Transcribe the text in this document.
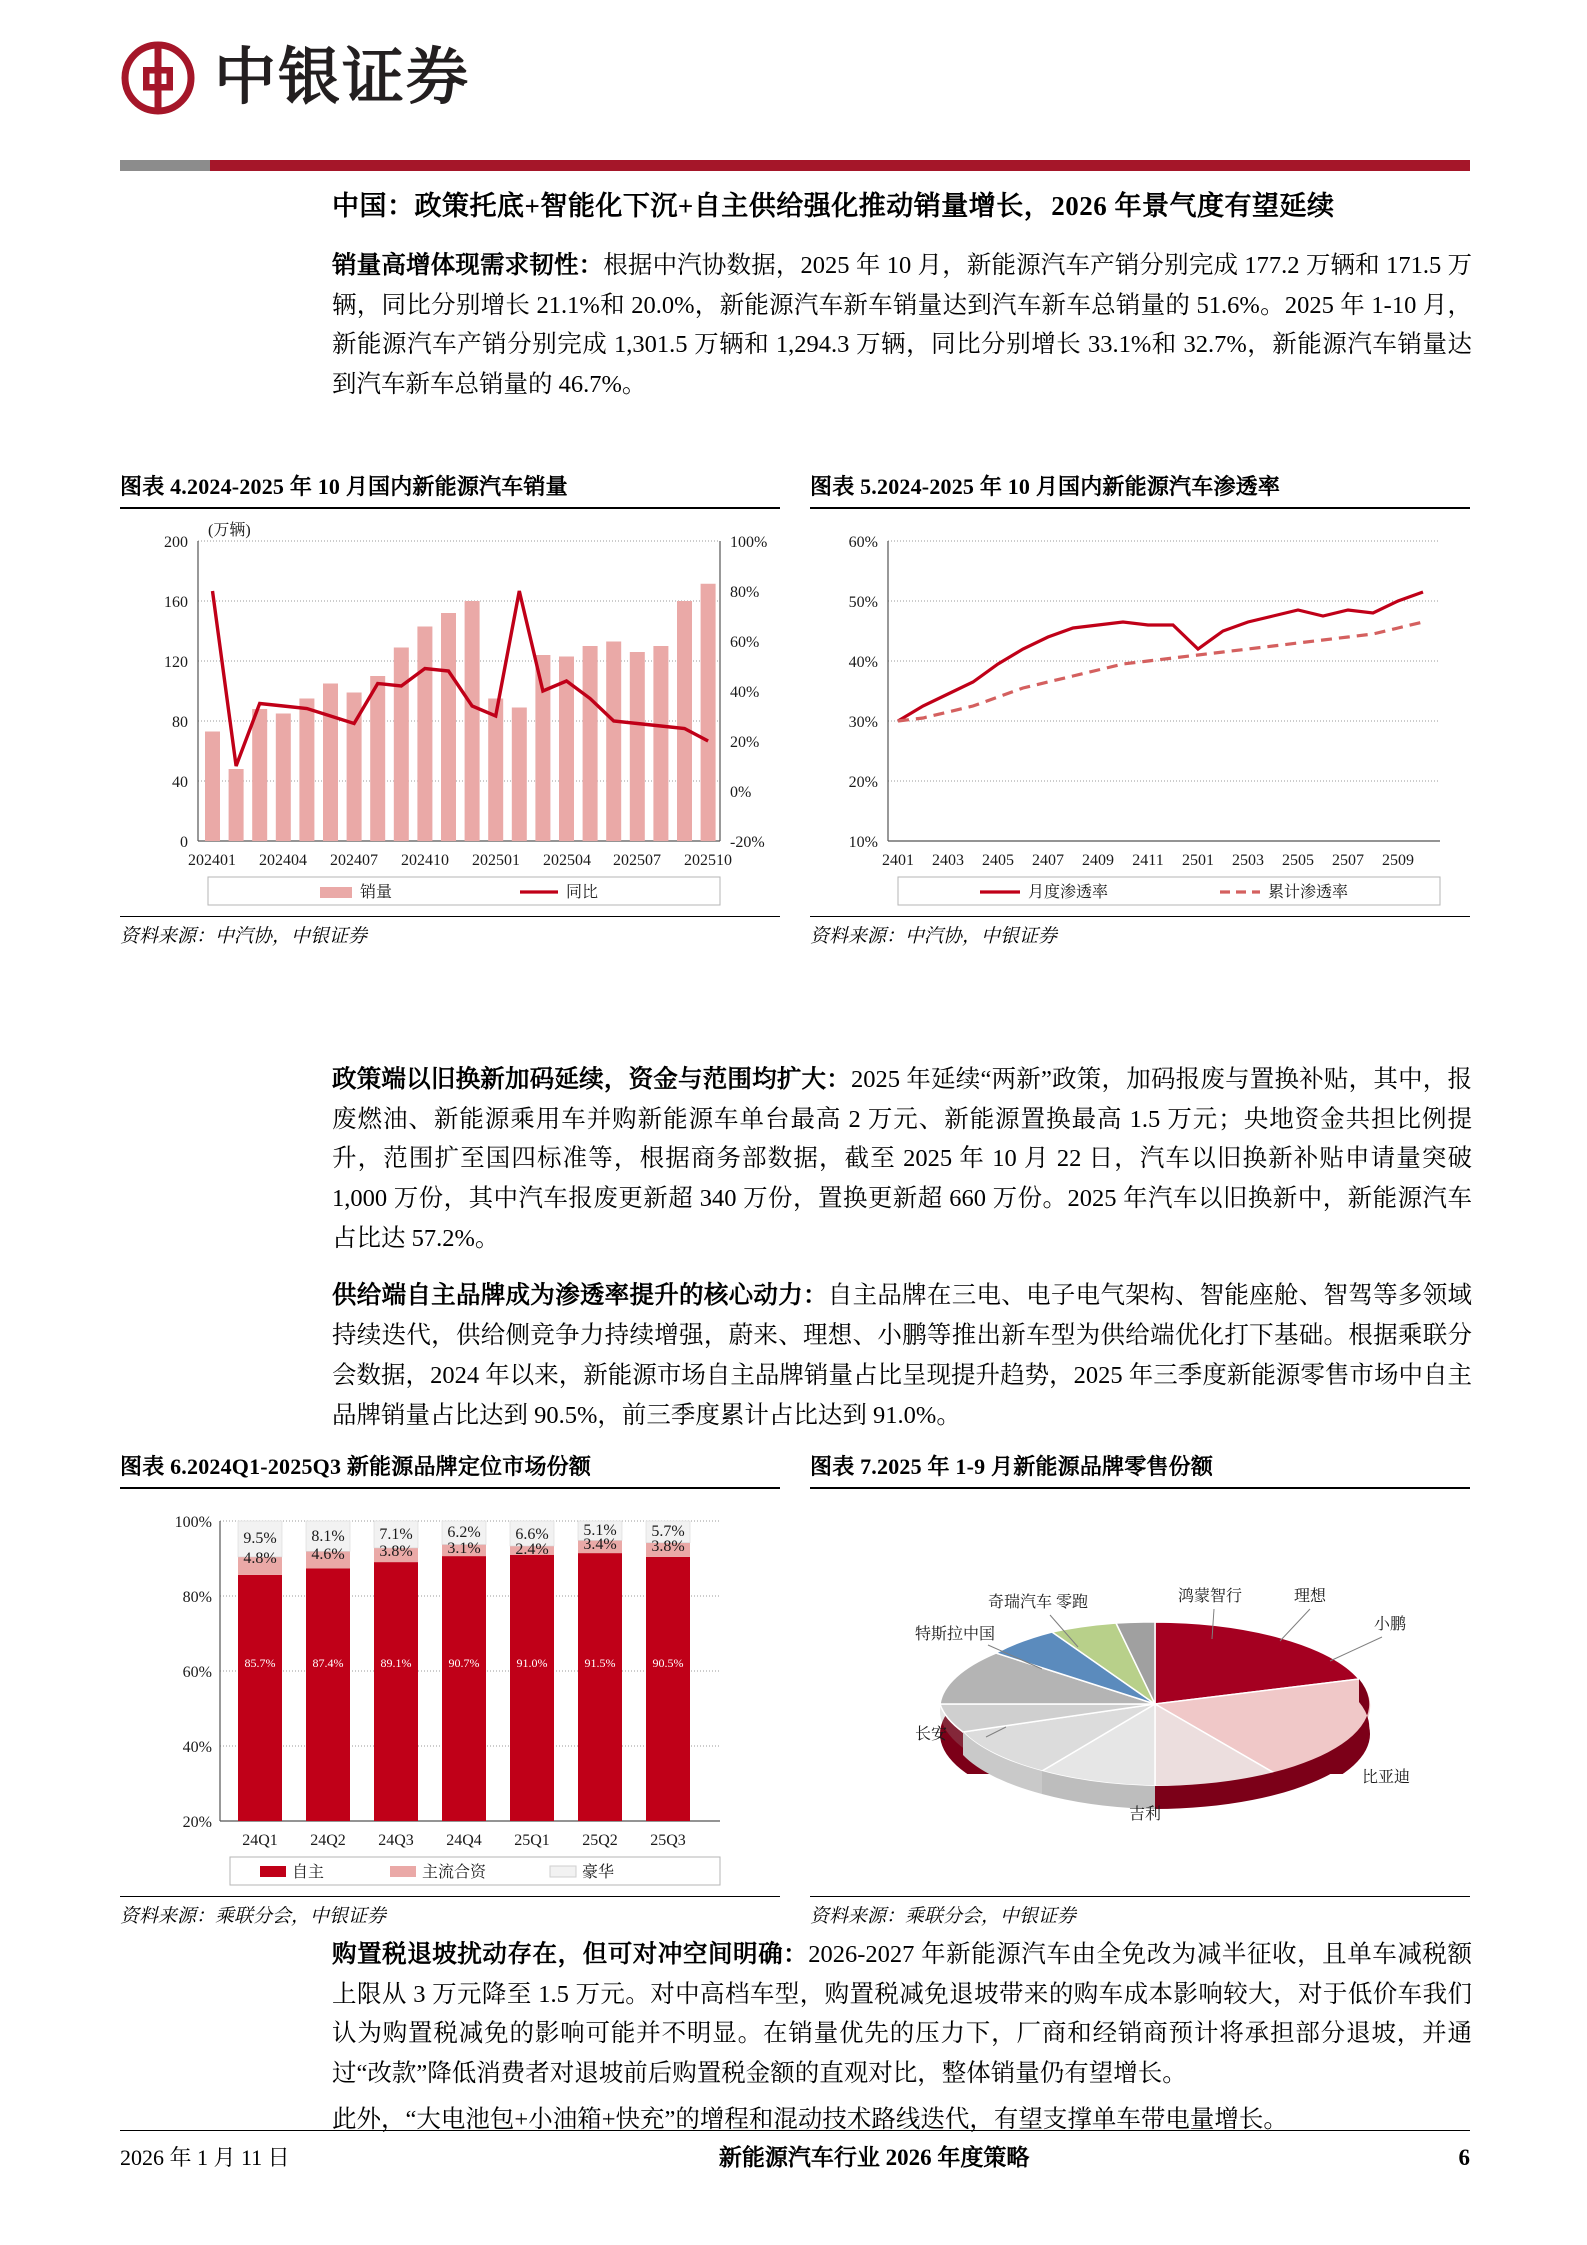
中银证券
中国：政策托底+智能化下沉+自主供给强化推动销量增长，2026 年景气度有望延续

销量高增体现需求韧性：根据中汽协数据，2025 年 10 月，新能源汽车产销分别完成 177.2 万辆和 171.5 万辆，同比分别增长 21.1%和 20.0%，新能源汽车新车销量达到汽车新车总销量的 51.6%。2025 年 1-10 月，新能源汽车产销分别完成 1,301.5 万辆和 1,294.3 万辆，同比分别增长 33.1%和 32.7%，新能源汽车销量达到汽车新车总销量的 46.7%。

图表 4.2024-2025 年 10 月国内新能源汽车销量
200
160
120
80
40
0
100%
80%
60%
40%
20%
0%
-20%
(万辆)
202401 202404 202407 202410 202501 202504 202507 202510
销量	同比
资料来源：中汽协，中银证券
图表 5.2024-2025 年 10 月国内新能源汽车渗透率
60%
50%
40%
30%
20%
10%
2401 2403 2405 2407 2409 2411 2501 2503 2505 2507 2509
月度渗透率	累计渗透率
资料来源：中汽协，中银证券

政策端以旧换新加码延续，资金与范围均扩大：2025 年延续“两新”政策，加码报废与置换补贴，其中，报废燃油、新能源乘用车并购新能源车单台最高 2 万元、新能源置换最高 1.5 万元；央地资金共担比例提升，范围扩至国四标准等，根据商务部数据，截至 2025 年 10 月 22 日，汽车以旧换新补贴申请量突破 1,000 万份，其中汽车报废更新超 340 万份，置换更新超 660 万份。2025 年汽车以旧换新中，新能源汽车占比达 57.2%。

供给端自主品牌成为渗透率提升的核心动力：自主品牌在三电、电子电气架构、智能座舱、智驾等多领域持续迭代，供给侧竞争力持续增强，蔚来、理想、小鹏等推出新车型为供给端优化打下基础。根据乘联分会数据，2024 年以来，新能源市场自主品牌销量占比呈现提升趋势，2025 年三季度新能源零售市场中自主品牌销量占比达到 90.5%，前三季度累计占比达到 91.0%。

图表 6.2024Q1-2025Q3 新能源品牌定位市场份额
100%
80%
60%
40%
20%
9.5% 8.1% 7.1% 6.2% 6.6% 5.1% 5.7%
4.8% 4.6% 3.8% 3.1% 2.4% 3.4% 3.8%
85.7%	87.4%	89.1%	90.7%	91.0%	91.5%	90.5%
24Q1 24Q2 24Q3 24Q4 25Q1 25Q2 25Q3
自主	主流合资	豪华
资料来源：乘联分会，中银证券
图表 7.2025 年 1-9 月新能源品牌零售份额
比亚迪
吉利
长安
特斯拉中国
奇瑞汽车 零跑	鸿蒙智行	理想
小鹏
资料来源：乘联分会，中银证券

购置税退坡扰动存在，但可对冲空间明确：2026-2027 年新能源汽车由全免改为减半征收，且单车减税额上限从 3 万元降至 1.5 万元。对中高档车型，购置税减免退坡带来的购车成本影响较大，对于低价车我们认为购置税减免的影响可能并不明显。在销量优先的压力下，厂商和经销商预计将承担部分退坡，并通过“改款”降低消费者对退坡前后购置税金额的直观对比，整体销量仍有望增长。

此外，“大电池包+小油箱+快充”的增程和混动技术路线迭代，有望支撑单车带电量增长。

2026 年 1 月 11 日	新能源汽车行业 2026 年度策略	6
